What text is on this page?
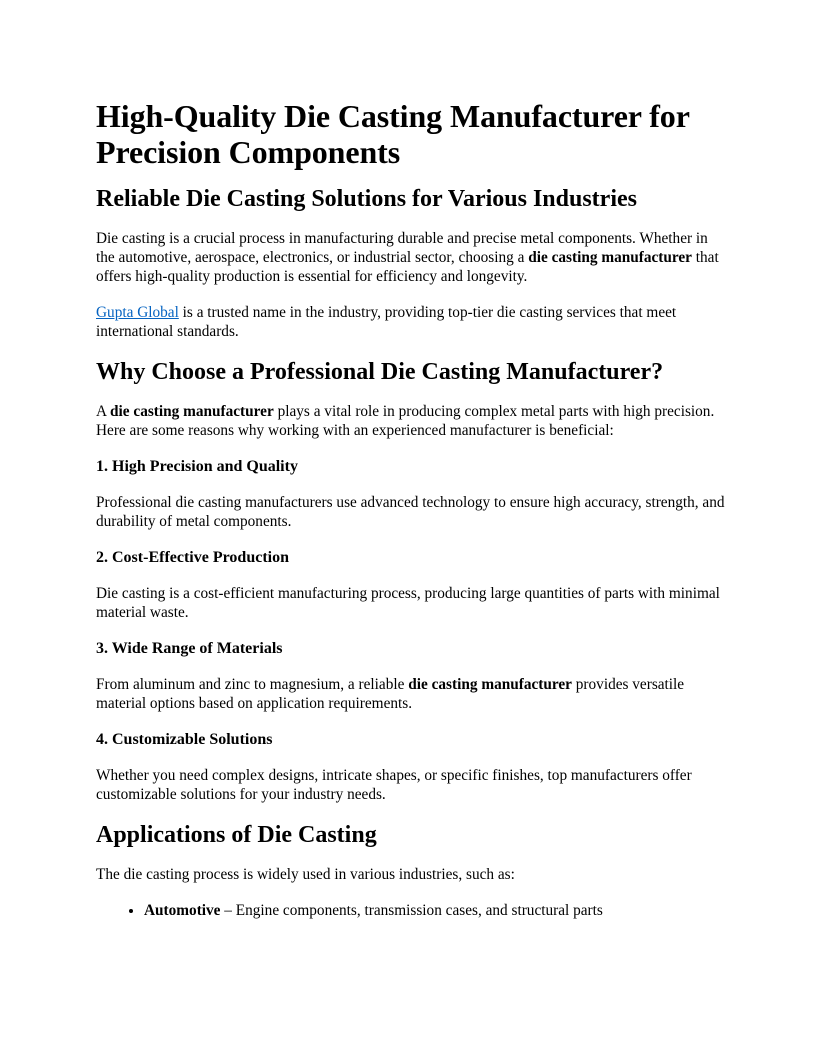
High-Quality Die Casting Manufacturer for Precision Components
Reliable Die Casting Solutions for Various Industries

Die casting is a crucial process in manufacturing durable and precise metal components. Whether in the automotive, aerospace, electronics, or industrial sector, choosing a die casting manufacturer that offers high-quality production is essential for efficiency and longevity.

Gupta Global is a trusted name in the industry, providing top-tier die casting services that meet international standards.

Why Choose a Professional Die Casting Manufacturer?

A die casting manufacturer plays a vital role in producing complex metal parts with high precision. Here are some reasons why working with an experienced manufacturer is beneficial:

1. High Precision and Quality

Professional die casting manufacturers use advanced technology to ensure high accuracy, strength, and durability of metal components.

2. Cost-Effective Production

Die casting is a cost-efficient manufacturing process, producing large quantities of parts with minimal material waste.

3. Wide Range of Materials

From aluminum and zinc to magnesium, a reliable die casting manufacturer provides versatile material options based on application requirements.

4. Customizable Solutions

Whether you need complex designs, intricate shapes, or specific finishes, top manufacturers offer customizable solutions for your industry needs.

Applications of Die Casting

The die casting process is widely used in various industries, such as:

• Automotive – Engine components, transmission cases, and structural parts
